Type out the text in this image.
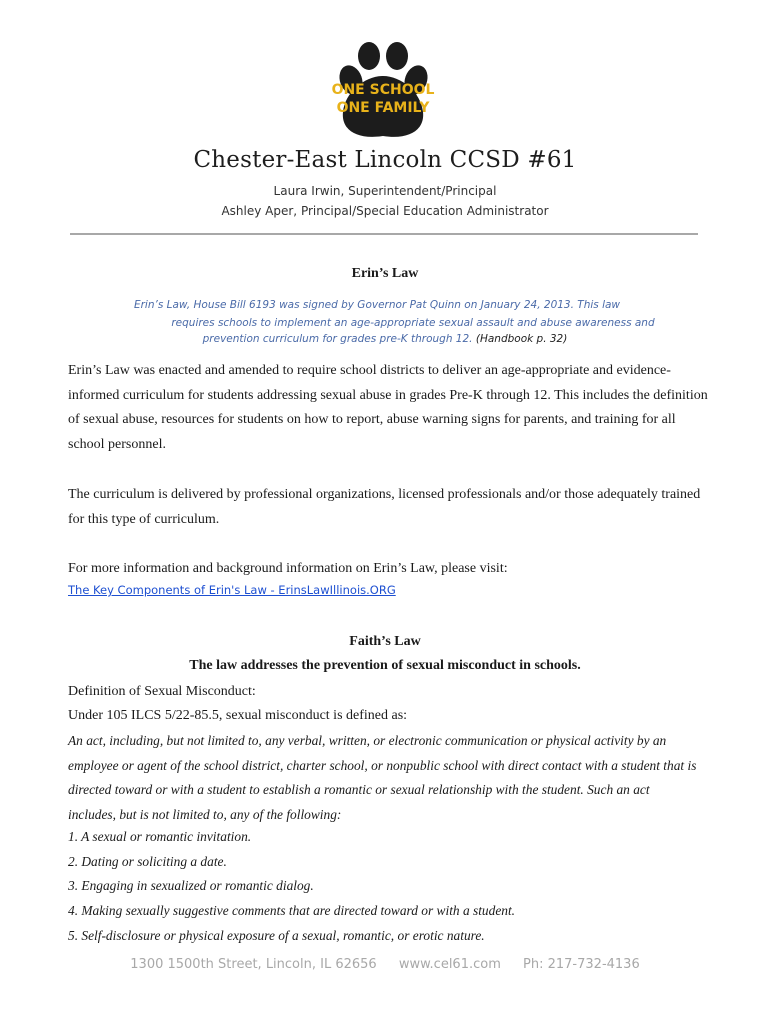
ONE SCHOOL
ONE FAMILY
Chester-East Lincoln CCSD #61
Laura Irwin, Superintendent/Principal
Ashley Aper, Principal/Special Education Administrator
Erin’s Law
Erin’s Law, House Bill 6193 was signed by Governor Pat Quinn on January 24, 2013. This law
requires schools to implement an age-appropriate sexual assault and abuse awareness and
prevention curriculum for grades pre-K through 12. (Handbook p. 32)
Erin’s Law was enacted and amended to require school districts to deliver an age-appropriate and evidence-informed curriculum for students addressing sexual abuse in grades Pre-K through 12. This includes the definition of sexual abuse, resources for students on how to report, abuse warning signs for parents, and training for all school personnel.
The curriculum is delivered by professional organizations, licensed professionals and/or those adequately trained for this type of curriculum.
For more information and background information on Erin’s Law, please visit:
The Key Components of Erin's Law - ErinsLawIllinois.ORG
Faith’s Law
The law addresses the prevention of sexual misconduct in schools.
Definition of Sexual Misconduct:
Under 105 ILCS 5/22-85.5, sexual misconduct is defined as:
An act, including, but not limited to, any verbal, written, or electronic communication or physical activity by an employee or agent of the school district, charter school, or nonpublic school with direct contact with a student that is directed toward or with a student to establish a romantic or sexual relationship with the student. Such an act includes, but is not limited to, any of the following:
1. A sexual or romantic invitation.
2. Dating or soliciting a date.
3. Engaging in sexualized or romantic dialog.
4. Making sexually suggestive comments that are directed toward or with a student.
5. Self-disclosure or physical exposure of a sexual, romantic, or erotic nature.
1300 1500th Street, Lincoln, IL 62656 www.cel61.com Ph: 217-732-4136
